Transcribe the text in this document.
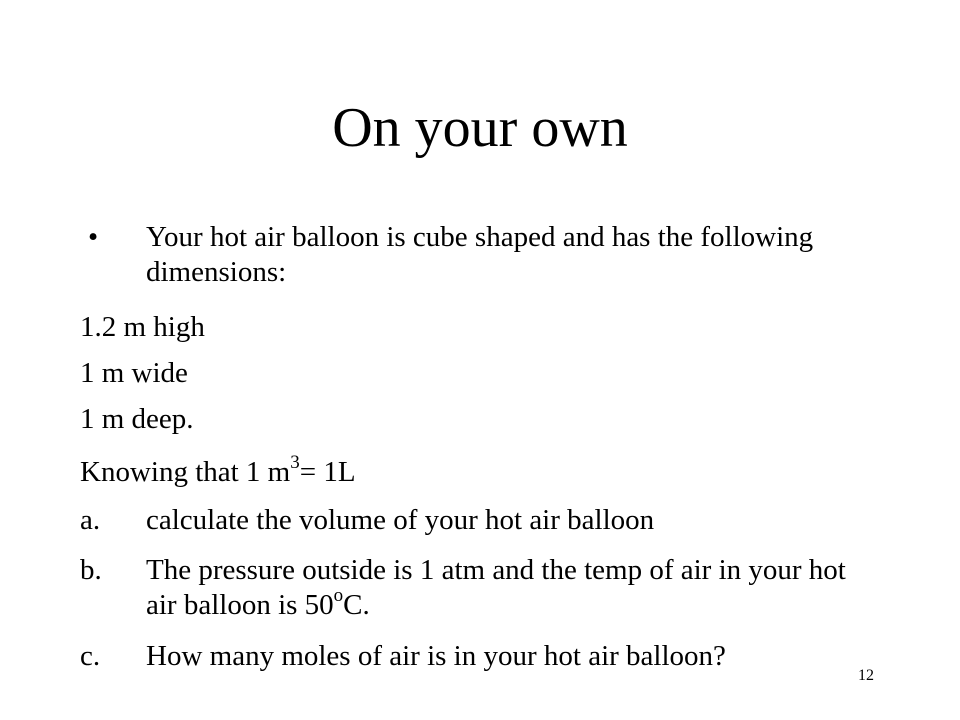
On your own
• Your hot air balloon is cube shaped and has the following dimensions:

1.2 m high

1 m wide

1 m deep.

Knowing that 1 $m^3= 1L$

a. calculate the volume of your hot air balloon

b. The pressure outside is 1 atm and the temp of air in your hot air balloon is 50$^o$C.

c. How many moles of air is in your hot air balloon?

12
